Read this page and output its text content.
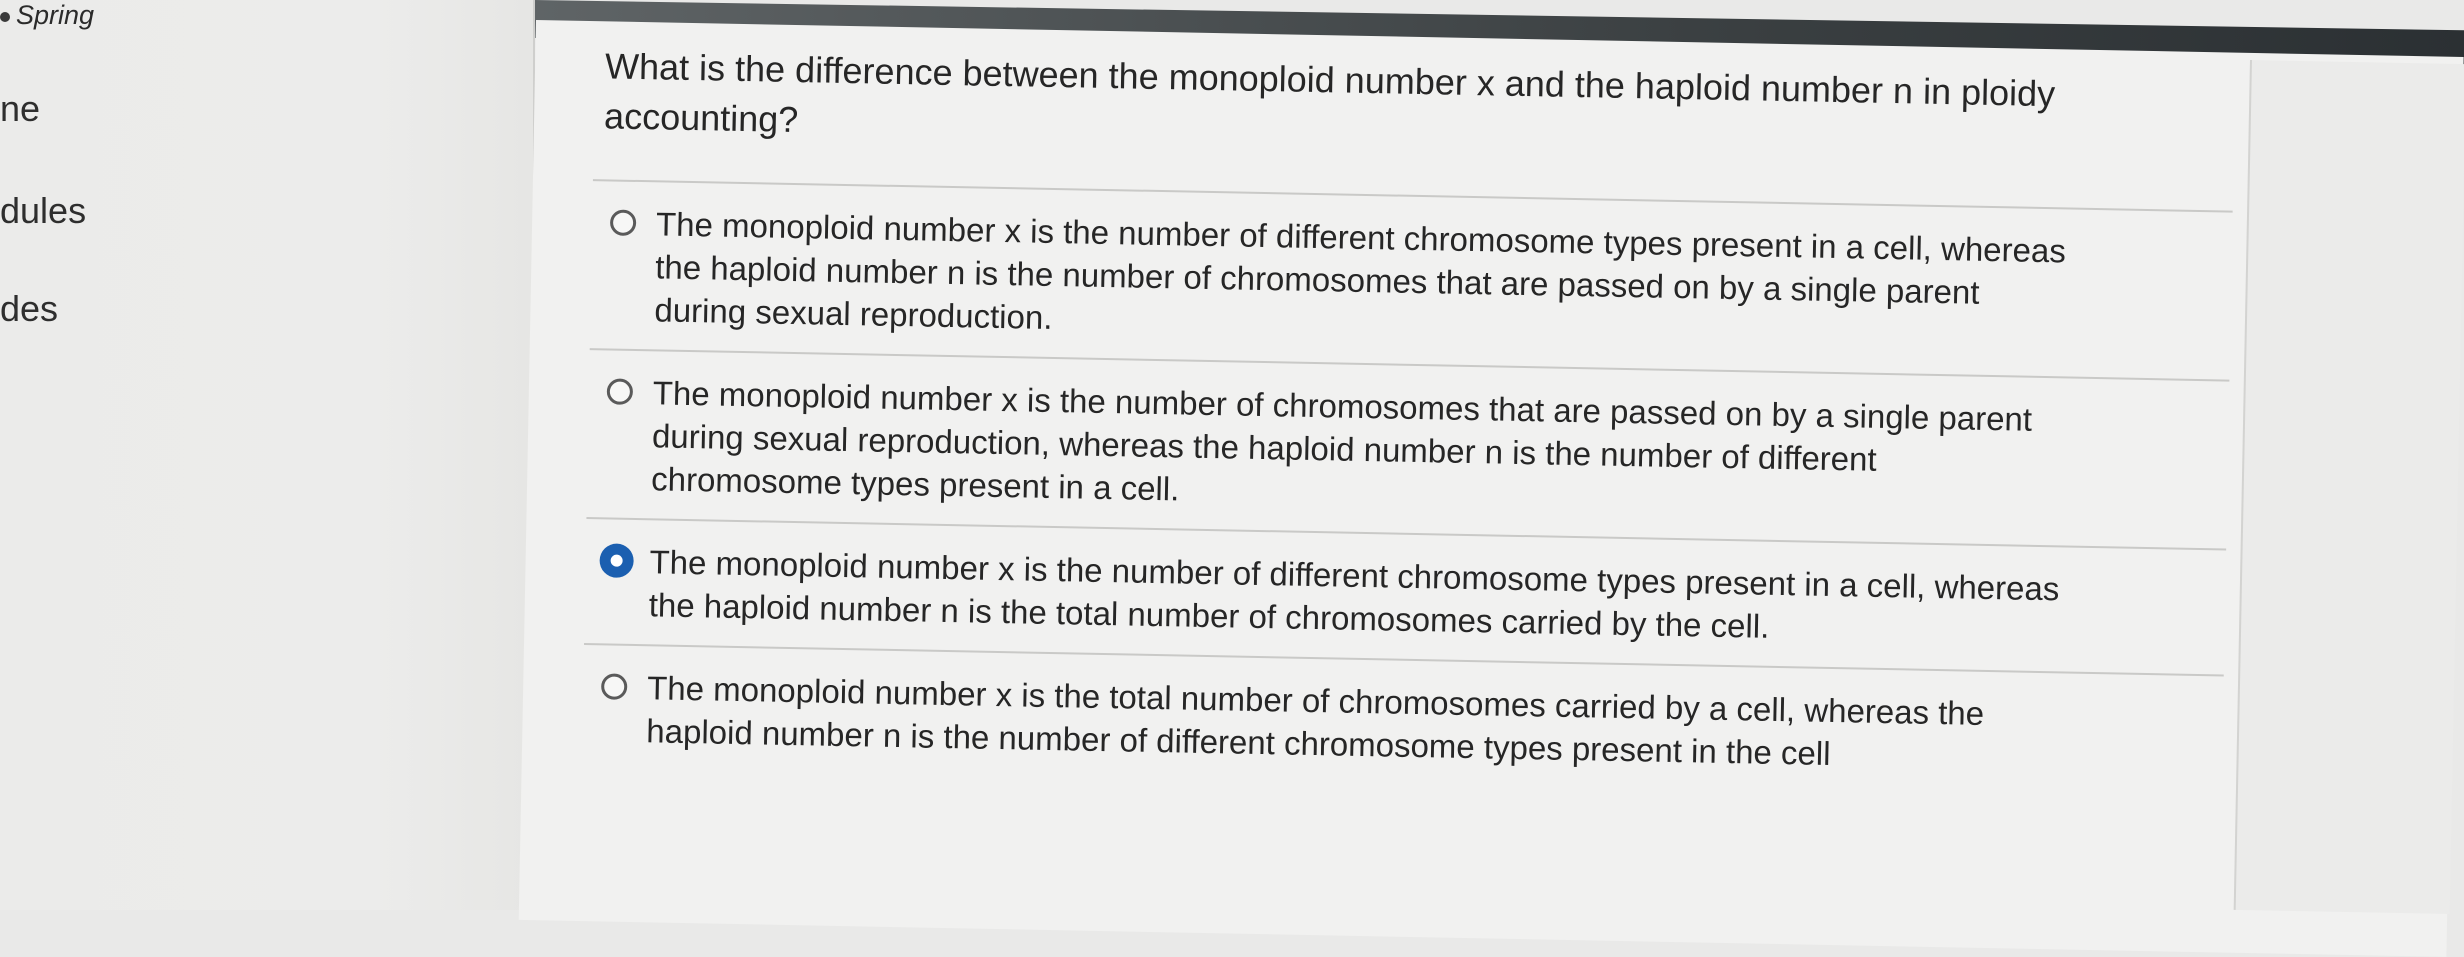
Spring
ne
dules
des
What is the difference between the monoploid number x and the haploid number n in ploidy accounting?
The monoploid number x is the number of different chromosome types present in a cell, whereas the haploid number n is the number of chromosomes that are passed on by a single parent during sexual reproduction.
The monoploid number x is the number of chromosomes that are passed on by a single parent during sexual reproduction, whereas the haploid number n is the number of different chromosome types present in a cell.
The monoploid number x is the number of different chromosome types present in a cell, whereas the haploid number n is the total number of chromosomes carried by the cell.
The monoploid number x is the total number of chromosomes carried by a cell, whereas the haploid number n is the number of different chromosome types present in the cell
